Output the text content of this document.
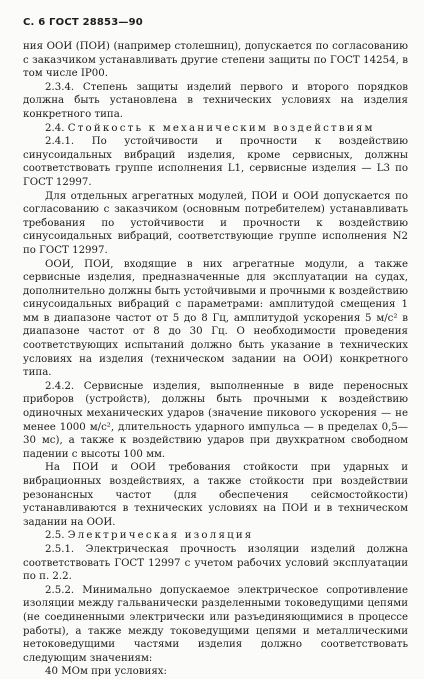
С. 6 ГОСТ 28853—90

ния ООИ (ПОИ) (например столешниц), допускается по согласованию с заказчиком устанавливать другие степени защиты по ГОСТ 14254, в том числе IP00.

2.3.4. Степень защиты изделий первого и второго порядков должна быть установлена в технических условиях на изделия конкретного типа.

2.4. Стойкость к механическим воздействиям

2.4.1. По устойчивости и прочности к воздействию синусоидальных вибраций изделия, кроме сервисных, должны соответствовать группе исполнения L1, сервисные изделия — L3 по ГОСТ 12997.

Для отдельных агрегатных модулей, ПОИ и ООИ допускается по согласованию с заказчиком (основным потребителем) устанавливать требования по устойчивости и прочности к воздействию синусоидальных вибраций, соответствующие группе исполнения N2 по ГОСТ 12997.

ООИ, ПОИ, входящие в них агрегатные модули, а также сервисные изделия, предназначенные для эксплуатации на судах, дополнительно должны быть устойчивыми и прочными к воздействию синусоидальных вибраций с параметрами: амплитудой смещения 1 мм в диапазоне частот от 5 до 8 Гц, амплитудой ускорения 5 м/с² в диапазоне частот от 8 до 30 Гц. О необходимости проведения соответствующих испытаний должно быть указание в технических условиях на изделия (техническом задании на ООИ) конкретного типа.

2.4.2. Сервисные изделия, выполненные в виде переносных приборов (устройств), должны быть прочными к воздействию одиночных механических ударов (значение пикового ускорения — не менее 1000 м/с², длительность ударного импульса — в пределах 0,5—30 мс), а также к воздействию ударов при двухкратном свободном падении с высоты 100 мм.

На ПОИ и ООИ требования стойкости при ударных и вибрационных воздействиях, а также стойкости при воздействии резонансных частот (для обеспечения сейсмостойкости) устанавливаются в технических условиях на ПОИ и в техническом задании на ООИ.

2.5. Электрическая изоляция

2.5.1. Электрическая прочность изоляции изделий должна соответствовать ГОСТ 12997 с учетом рабочих условий эксплуатации по п. 2.2.

2.5.2. Минимально допускаемое электрическое сопротивление изоляции между гальванически разделенными токоведущими цепями (не соединенными электрически или разъединяющимися в процессе работы), а также между токоведущими цепями и металлическими нетоковедущими частями изделия должно соответствовать следующим значениям:

40 МОм при условиях:
